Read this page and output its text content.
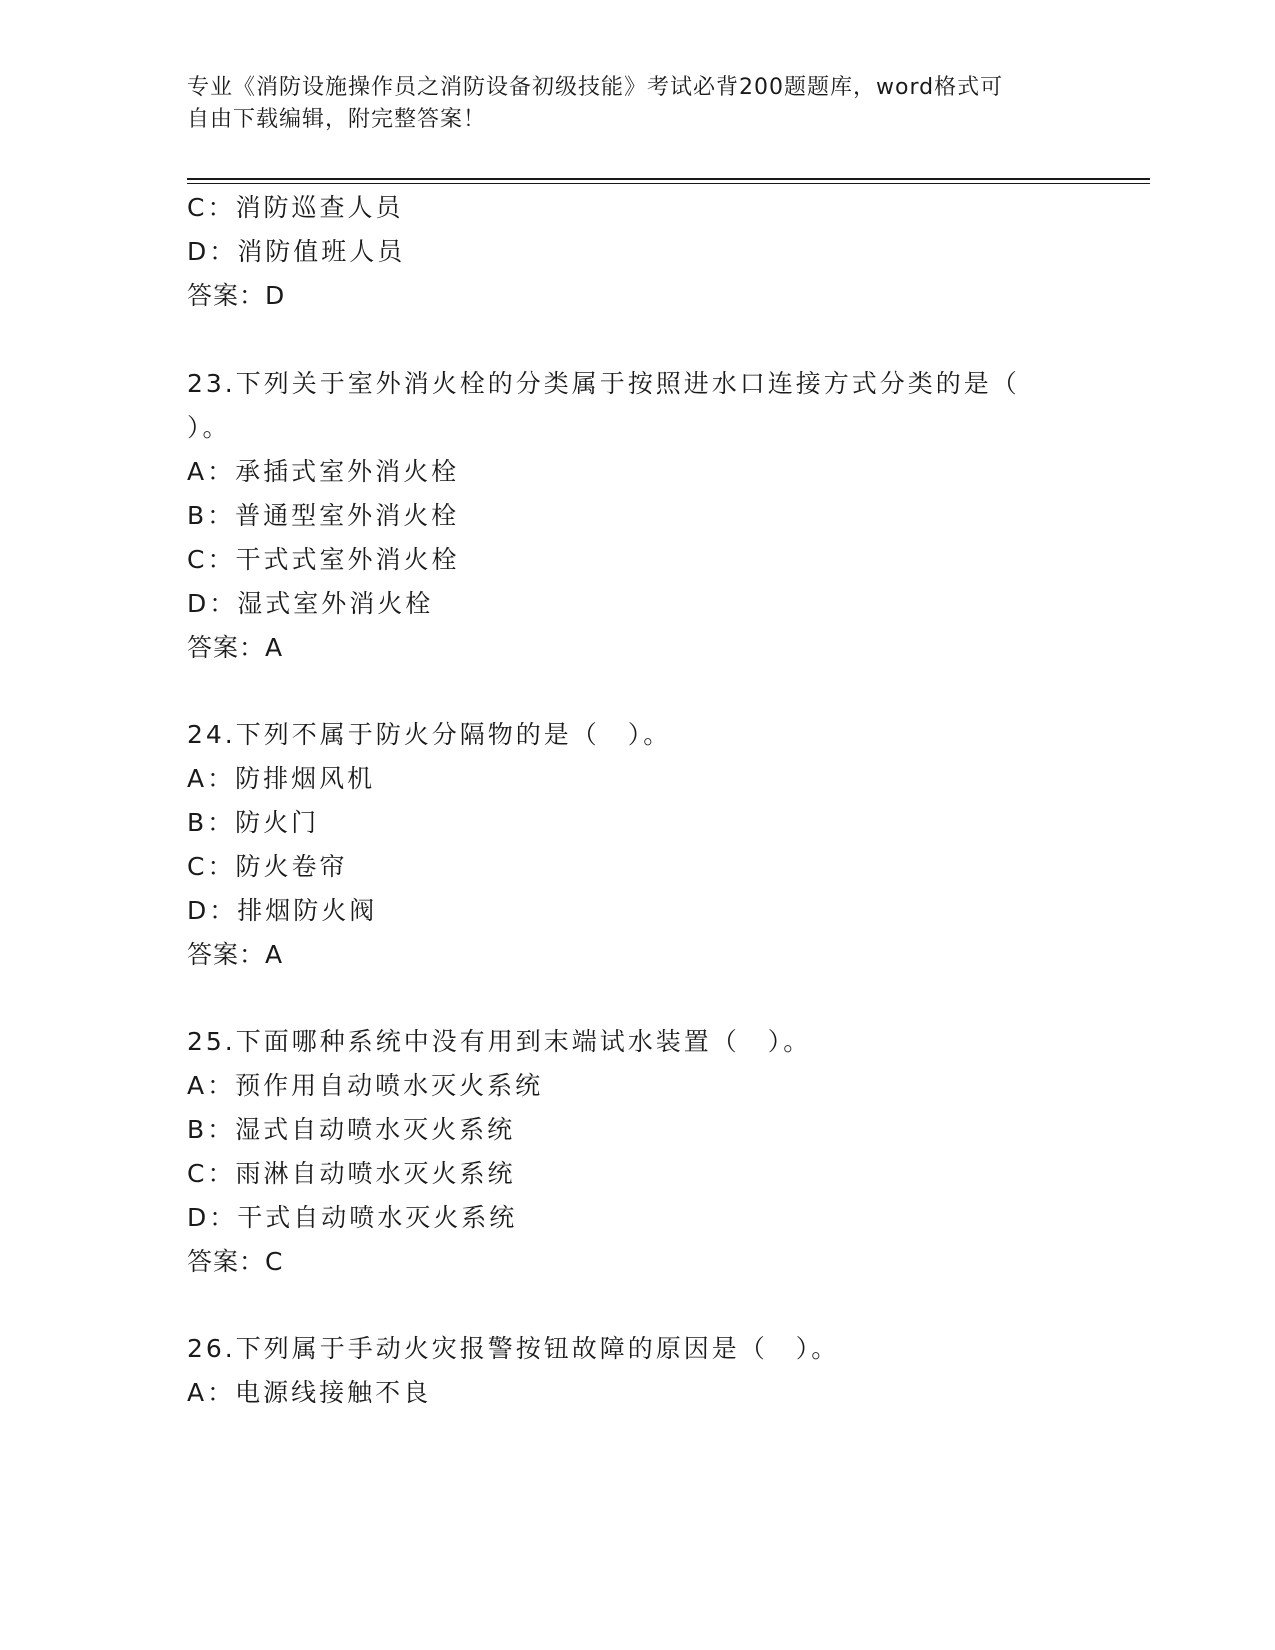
专业《消防设施操作员之消防设备初级技能》考试必背200题题库，word格式可
自由下载编辑，附完整答案！
C：消防巡查人员
D：消防值班人员
答案：D
23.下列关于室外消火栓的分类属于按照进水口连接方式分类的是（
）。
A：承插式室外消火栓
B：普通型室外消火栓
C：干式式室外消火栓
D：湿式室外消火栓
答案：A
24.下列不属于防火分隔物的是（　）。
A：防排烟风机
B：防火门
C：防火卷帘
D：排烟防火阀
答案：A
25.下面哪种系统中没有用到末端试水装置（　）。
A：预作用自动喷水灭火系统
B：湿式自动喷水灭火系统
C：雨淋自动喷水灭火系统
D：干式自动喷水灭火系统
答案：C
26.下列属于手动火灾报警按钮故障的原因是（　）。
A：电源线接触不良
